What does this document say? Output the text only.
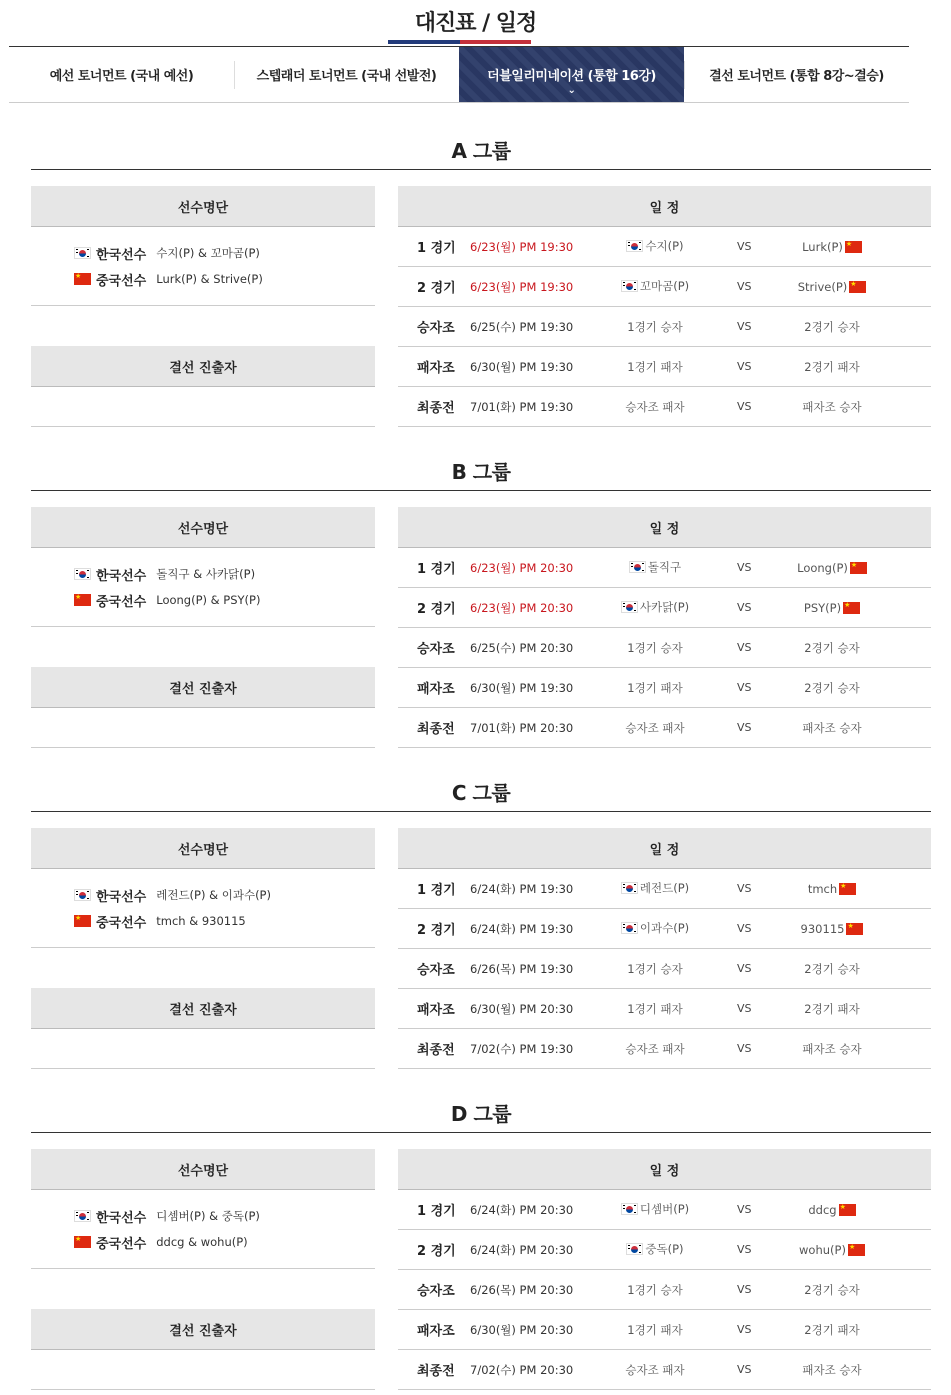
대진표 / 일정
예선 토너먼트 (국내 예선)	스텝래더 토너먼트 (국내 선발전)	더블일리미네이션 (통합 16강)
⌄
결선 토너먼트 (통합 8강~결승)
A 그룹
선수명단
한국선수 수지(P) & 꼬마곰(P)
★
중국선수 Lurk(P) & Strive(P)
결선 진출자
일 정
1 경기 6/23(월) PM 19:30	수지(P)	VS	Lurk(P)
★
2 경기 6/23(월) PM 19:30	꼬마곰(P)	VS	Strive(P)
★
승자조 6/25(수) PM 19:30	1경기 승자	VS	2경기 승자
패자조 6/30(월) PM 19:30	1경기 패자	VS	2경기 패자
최종전 7/01(화) PM 19:30	승자조 패자	VS	패자조 승자
B 그룹
선수명단
한국선수 돌직구 & 사카닭(P)
★
중국선수 Loong(P) & PSY(P)
결선 진출자
일 정
1 경기 6/23(월) PM 20:30	돌직구	VS	Loong(P)
★
2 경기 6/23(월) PM 20:30	사카닭(P)	VS	PSY(P)
★
승자조 6/25(수) PM 20:30	1경기 승자	VS	2경기 승자
패자조 6/30(월) PM 19:30	1경기 패자	VS	2경기 승자
최종전 7/01(화) PM 20:30	승자조 패자	VS	패자조 승자
C 그룹
선수명단
한국선수 레전드(P) & 이과수(P)
★
중국선수 tmch & 930115
결선 진출자
일 정
1 경기 6/24(화) PM 19:30	레전드(P)	VS	tmch
★
2 경기 6/24(화) PM 19:30	이과수(P)	VS	930115
★
승자조 6/26(목) PM 19:30	1경기 승자	VS	2경기 승자
패자조 6/30(월) PM 20:30	1경기 패자	VS	2경기 패자
최종전 7/02(수) PM 19:30	승자조 패자	VS	패자조 승자
D 그룹
선수명단
한국선수 디셈버(P) & 중독(P)
★
중국선수 ddcg & wohu(P)
결선 진출자
일 정
1 경기 6/24(화) PM 20:30	디셈버(P)	VS	ddcg
★
2 경기 6/24(화) PM 20:30	중독(P)	VS	wohu(P)
★
승자조 6/26(목) PM 20:30	1경기 승자	VS	2경기 승자
패자조 6/30(월) PM 20:30	1경기 패자	VS	2경기 패자
최종전 7/02(수) PM 20:30	승자조 패자	VS	패자조 승자
